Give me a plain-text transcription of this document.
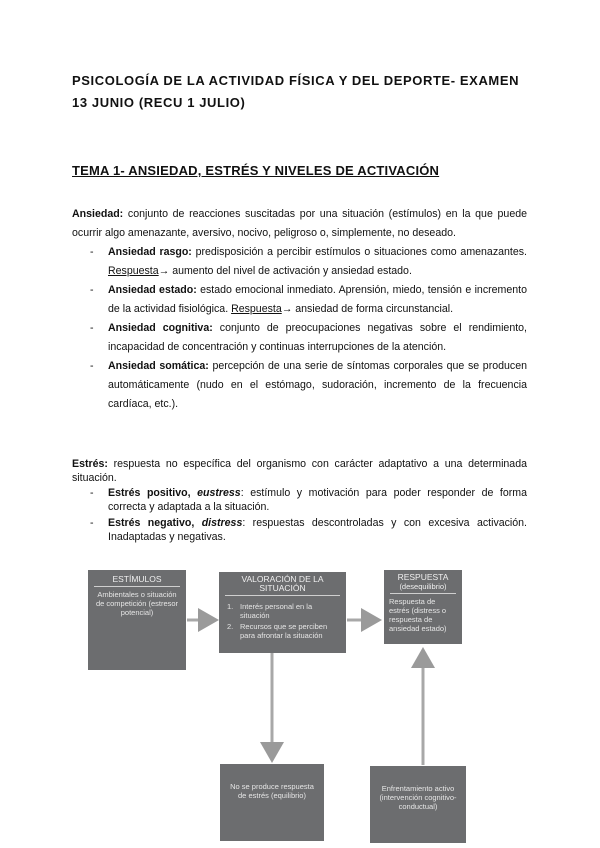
PSICOLOGÍA DE LA ACTIVIDAD FÍSICA Y DEL DEPORTE- EXAMEN 13 JUNIO (RECU 1 JULIO)
TEMA 1- ANSIEDAD, ESTRÉS Y NIVELES DE ACTIVACIÓN
Ansiedad: conjunto de reacciones suscitadas por una situación (estímulos) en la que puede ocurrir algo amenazante, aversivo, nocivo, peligroso o, simplemente, no deseado.
- Ansiedad rasgo: predisposición a percibir estímulos o situaciones como amenazantes. Respuesta→ aumento del nivel de activación y ansiedad estado.
- Ansiedad estado: estado emocional inmediato. Aprensión, miedo, tensión e incremento de la actividad fisiológica. Respuesta→ ansiedad de forma circunstancial.
- Ansiedad cognitiva: conjunto de preocupaciones negativas sobre el rendimiento, incapacidad de concentración y continuas interrupciones de la atención.
- Ansiedad somática: percepción de una serie de síntomas corporales que se producen automáticamente (nudo en el estómago, sudoración, incremento de la frecuencia cardíaca, etc.).
Estrés: respuesta no específica del organismo con carácter adaptativo a una determinada situación.
- Estrés positivo, eustress: estímulo y motivación para poder responder de forma correcta y adaptada a la situación.
- Estrés negativo, distress: respuestas descontroladas y con excesiva activación. Inadaptadas y negativas.
ESTÍMULOS
Ambientales o situación de competición (estresor potencial)
VALORACIÓN DE LA SITUACIÓN
1. Interés personal en la situación
2. Recursos que se perciben para afrontar la situación
RESPUESTA
(desequilibrio)
Respuesta de estrés (distress o respuesta de ansiedad estado)
No se produce respuesta de estrés (equilibrio)
Enfrentamiento activo (intervención cognitivo-conductual)
